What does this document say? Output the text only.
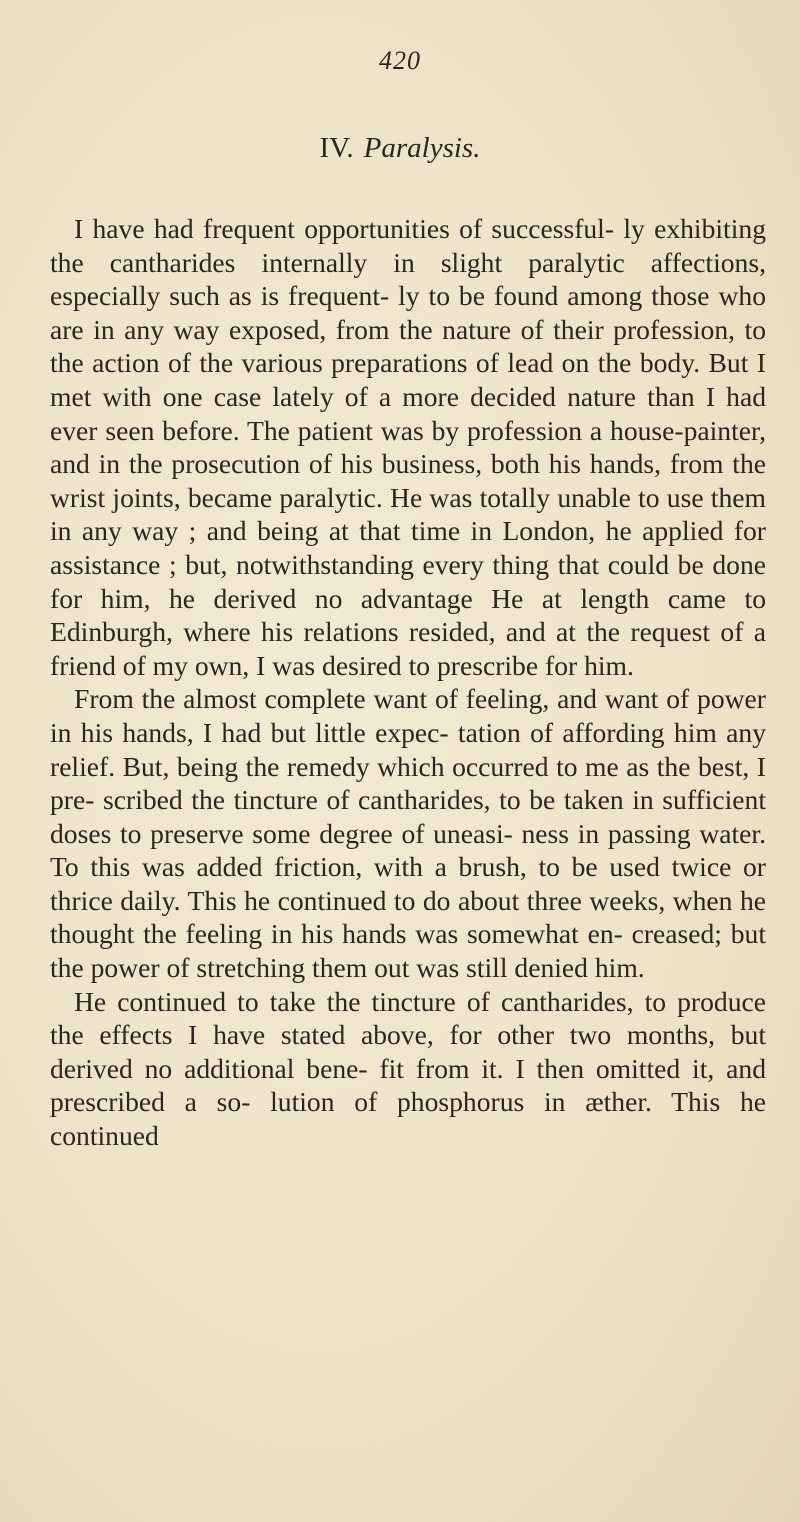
420
IV. Paralysis.

I have had frequent opportunities of successful- ly exhibiting the cantharides internally in slight paralytic affections, especially such as is frequent- ly to be found among those who are in any way exposed, from the nature of their profession, to the action of the various preparations of lead on the body. But I met with one case lately of a more decided nature than I had ever seen before. The patient was by profession a house-painter, and in the prosecution of his business, both his hands, from the wrist joints, became paralytic. He was totally unable to use them in any way ; and being at that time in London, he applied for assistance ; but, notwithstanding every thing that could be done for him, he derived no advantage He at length came to Edinburgh, where his relations resided, and at the request of a friend of my own, I was desired to prescribe for him.

From the almost complete want of feeling, and want of power in his hands, I had but little expec- tation of affording him any relief. But, being the remedy which occurred to me as the best, I pre- scribed the tincture of cantharides, to be taken in sufficient doses to preserve some degree of uneasi- ness in passing water. To this was added friction, with a brush, to be used twice or thrice daily. This he continued to do about three weeks, when he thought the feeling in his hands was somewhat en- creased; but the power of stretching them out was still denied him.

He continued to take the tincture of cantharides, to produce the effects I have stated above, for other two months, but derived no additional bene- fit from it. I then omitted it, and prescribed a so- lution of phosphorus in æther. This he continued
